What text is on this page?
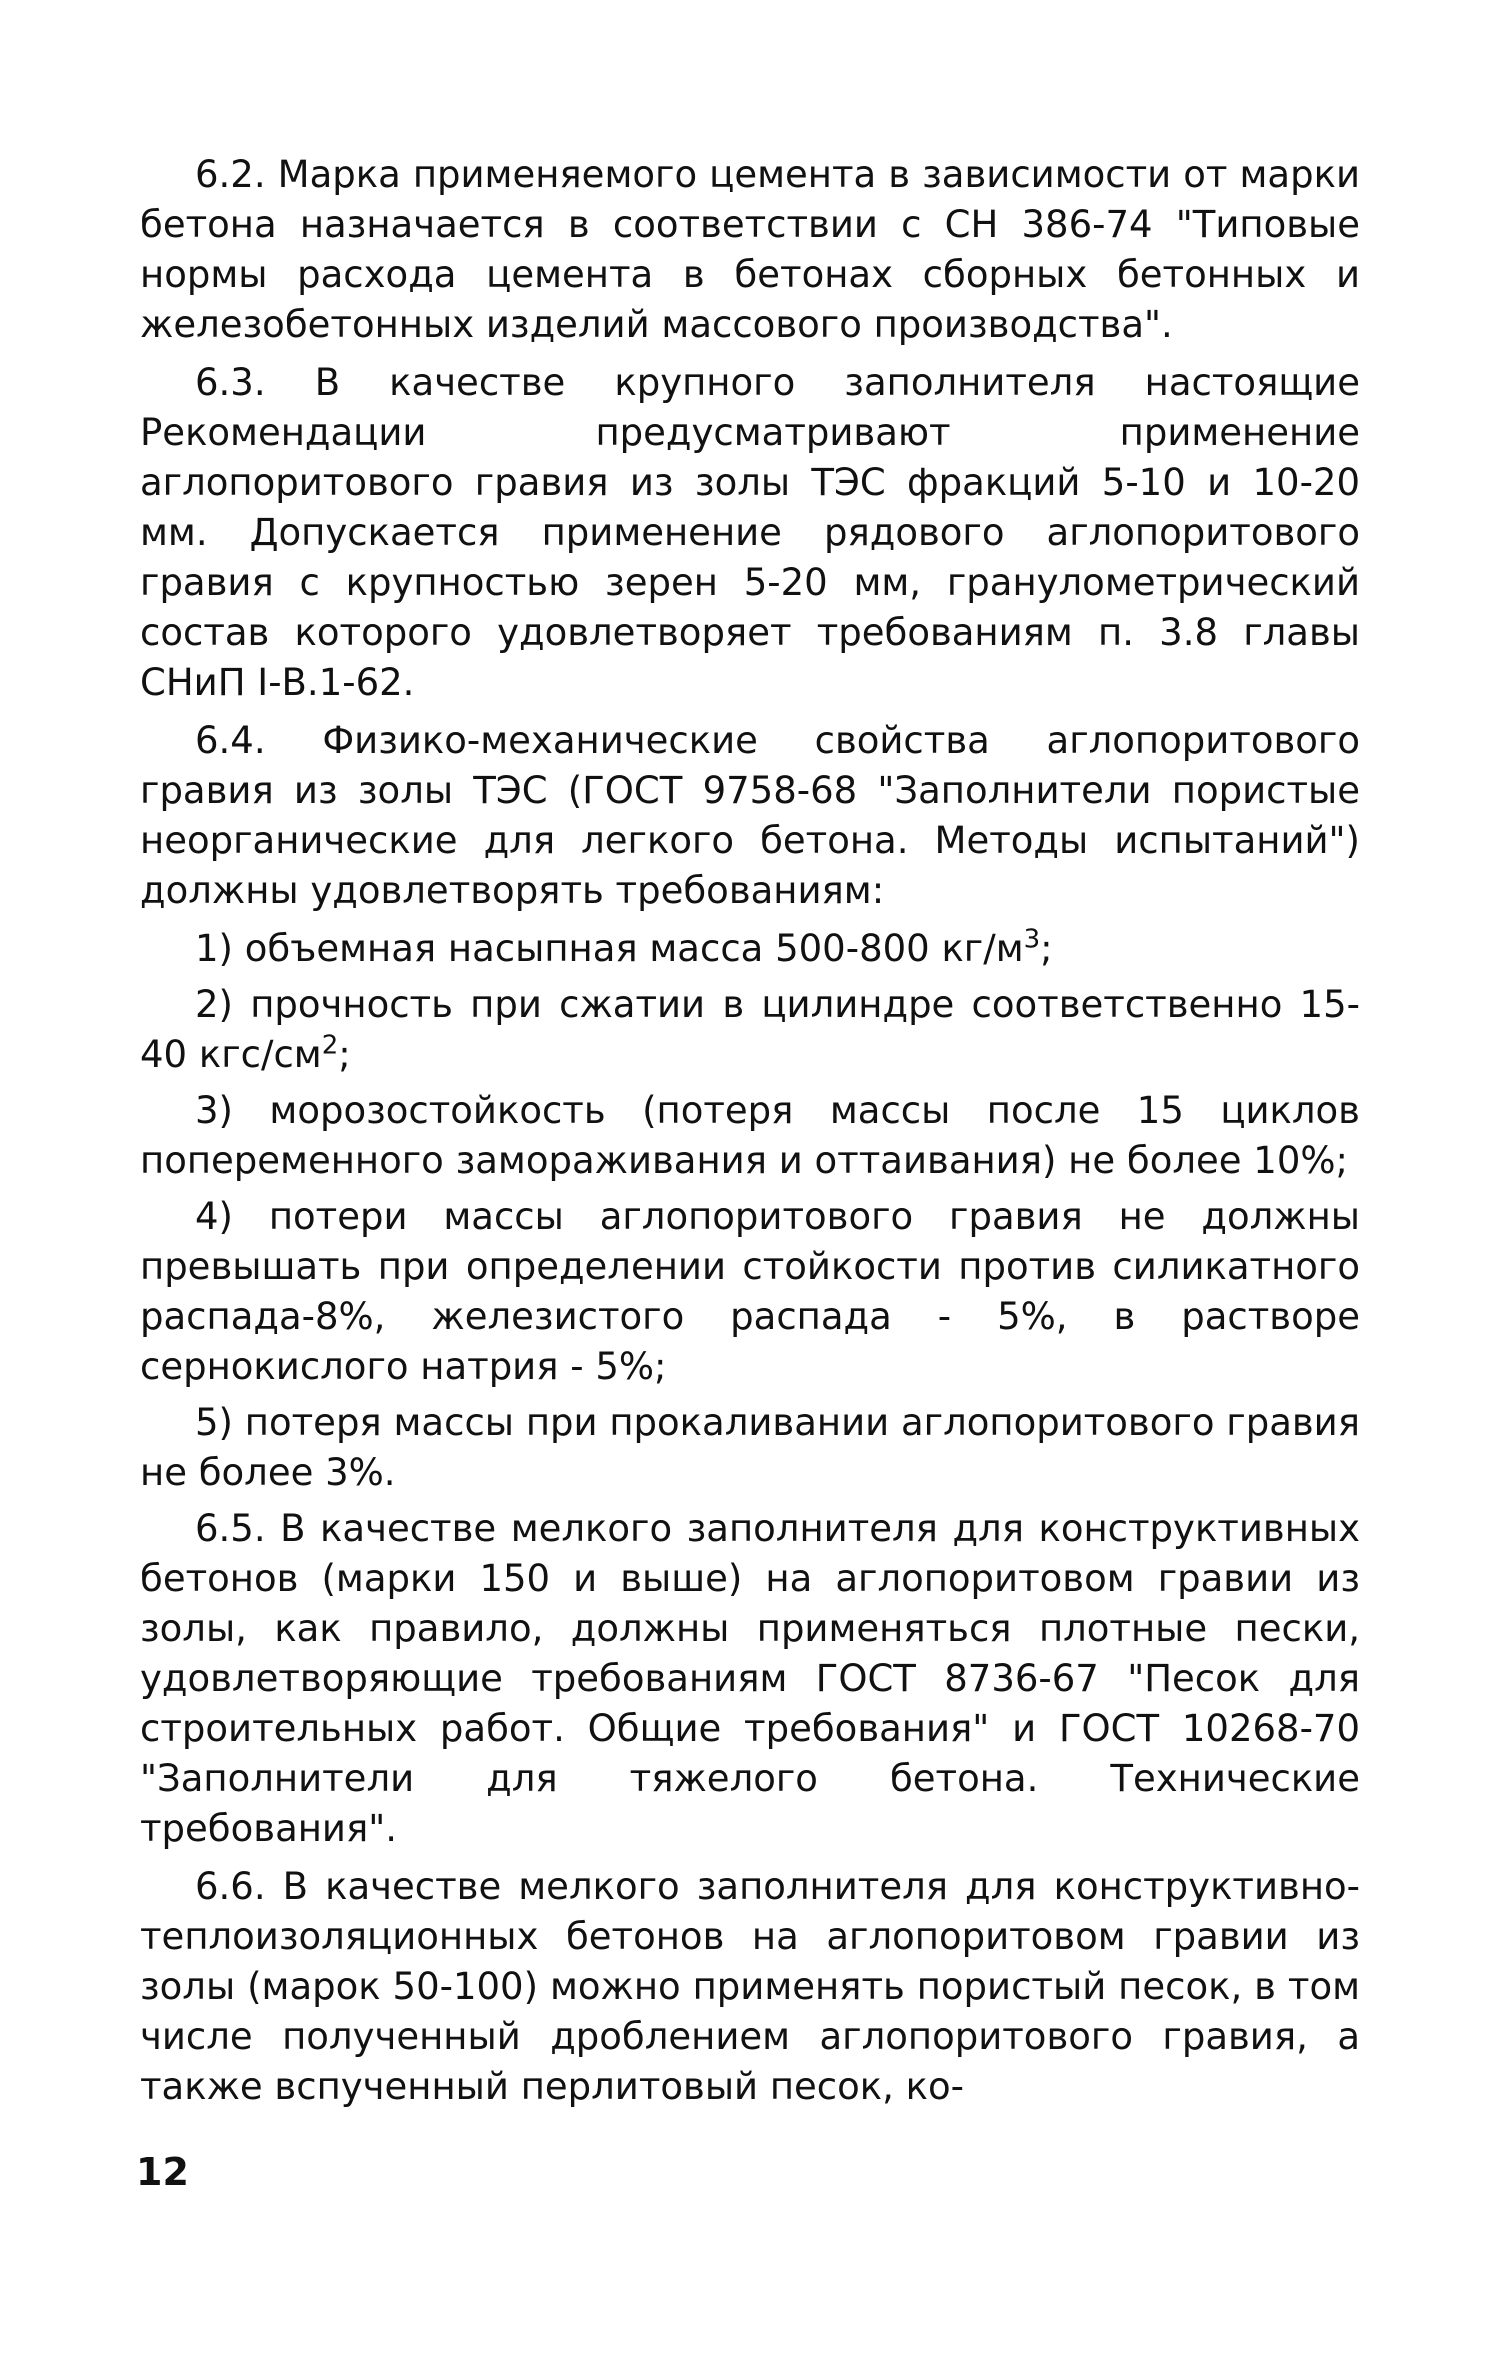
6.2. Марка применяемого цемента в зависимости от марки бетона назначается в соответствии с СН 386-74 "Типовые нормы расхода цемента в бетонах сборных бетонных и железобетонных изделий массового производства".

6.3. В качестве крупного заполнителя настоящие Рекомендации предусматривают применение аглопоритового гравия из золы ТЭС фракций 5-10 и 10-20 мм. Допускается применение рядового аглопоритового гравия с крупностью зерен 5-20 мм, гранулометрический состав которого удовлетворяет требованиям п. 3.8 главы СНиП I-В.1-62.

6.4. Физико-механические свойства аглопоритового гравия из золы ТЭС (ГОСТ 9758-68 "Заполнители пористые неорганические для легкого бетона. Методы испытаний") должны удовлетворять требованиям:

1) объемная насыпная масса 500-800 $кг/м^3$;

2) прочность при сжатии в цилиндре соответственно 15-40 кгс/$см^2$;

3) морозостойкость (потеря массы после 15 циклов попеременного замораживания и оттаивания) не более 10%;

4) потери массы аглопоритового гравия не должны превышать при определении стойкости против силикатного распада-8%, железистого распада - 5%, в растворе сернокислого натрия - 5%;

5) потеря массы при прокаливании аглопоритового гравия не более 3%.

6.5. В качестве мелкого заполнителя для конструктивных бетонов (марки 150 и выше) на аглопоритовом гравии из золы, как правило, должны применяться плотные пески, удовлетворяющие требованиям ГОСТ 8736-67 "Песок для строительных работ. Общие требования" и ГОСТ 10268-70 "Заполнители для тяжелого бетона. Технические требования".

6.6. В качестве мелкого заполнителя для конструктивно-теплоизоляционных бетонов на аглопоритовом гравии из золы (марок 50-100) можно применять пористый песок, в том числе полученный дроблением аглопоритового гравия, а также вспученный перлитовый песок, ко-

12
